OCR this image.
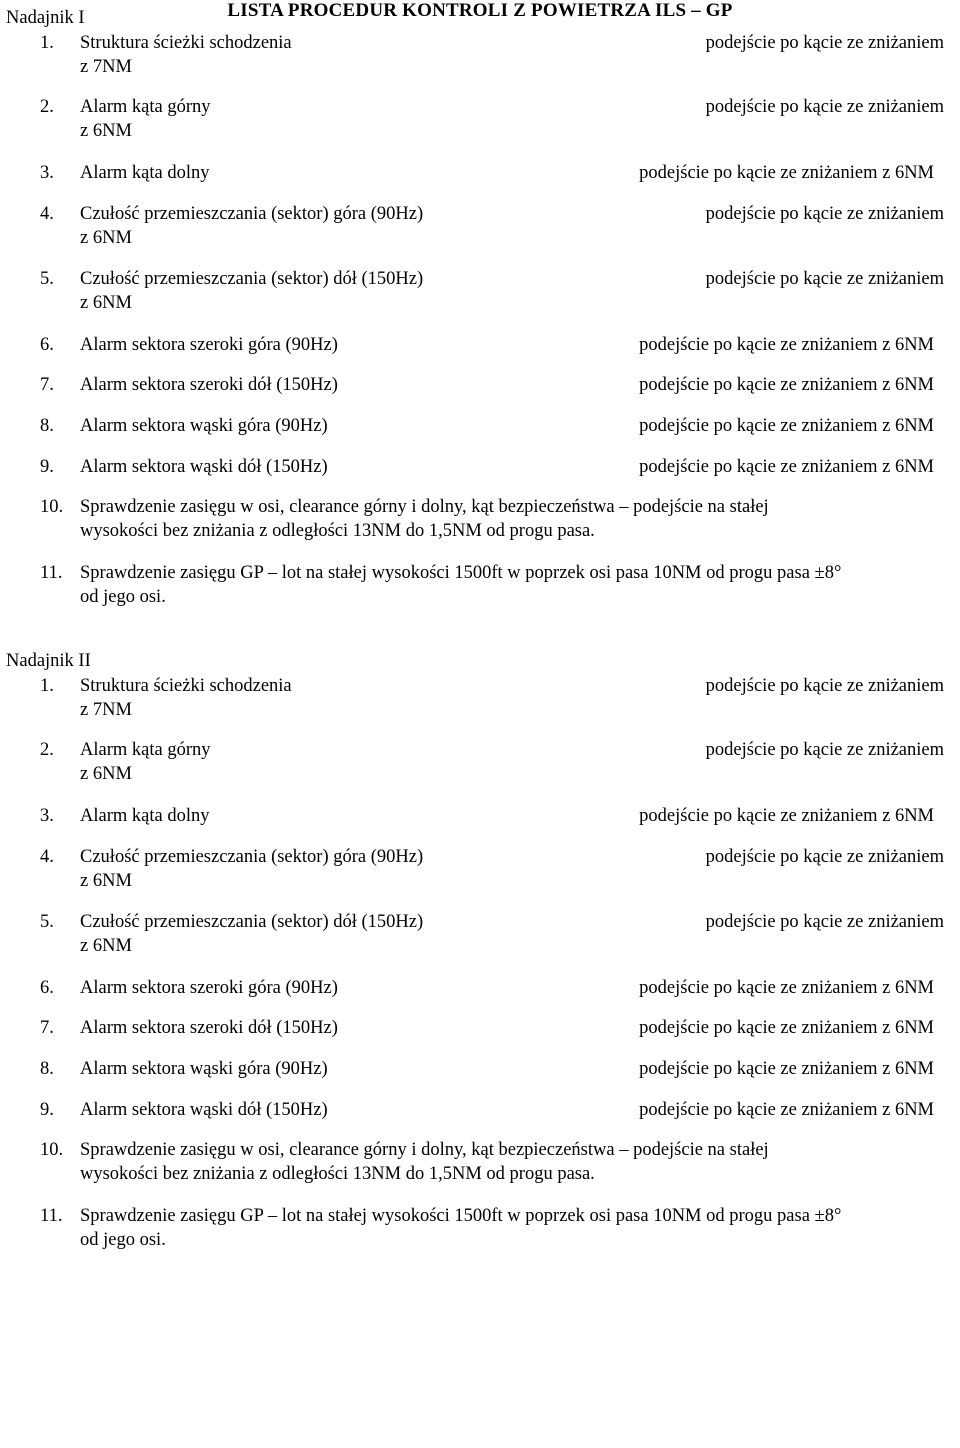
LISTA PROCEDUR KONTROLI Z POWIETRZA ILS – GP
Nadajnik I
1. Struktura ścieżki schodzenia	podejście po kącie ze zniżaniem
z 7NM
2. Alarm kąta górny	podejście po kącie ze zniżaniem
z 6NM
3. Alarm kąta dolny	podejście po kącie ze zniżaniem z 6NM
4. Czułość przemieszczania (sektor) góra (90Hz)	podejście po kącie ze zniżaniem
z 6NM
5. Czułość przemieszczania (sektor) dół (150Hz)	podejście po kącie ze zniżaniem
z 6NM
6. Alarm sektora szeroki góra (90Hz)	podejście po kącie ze zniżaniem z 6NM
7. Alarm sektora szeroki dół (150Hz)	podejście po kącie ze zniżaniem z 6NM
8. Alarm sektora wąski góra (90Hz)	podejście po kącie ze zniżaniem z 6NM
9. Alarm sektora wąski dół (150Hz)	podejście po kącie ze zniżaniem z 6NM
10. Sprawdzenie zasięgu w osi, clearance górny i dolny, kąt bezpieczeństwa – podejście na stałej
wysokości bez zniżania z odległości 13NM do 1,5NM od progu pasa.
11. Sprawdzenie zasięgu GP – lot na stałej wysokości 1500ft w poprzek osi pasa 10NM od progu pasa ±8°
od jego osi.
Nadajnik II
1. Struktura ścieżki schodzenia	podejście po kącie ze zniżaniem
z 7NM
2. Alarm kąta górny	podejście po kącie ze zniżaniem
z 6NM
3. Alarm kąta dolny	podejście po kącie ze zniżaniem z 6NM
4. Czułość przemieszczania (sektor) góra (90Hz)	podejście po kącie ze zniżaniem
z 6NM
5. Czułość przemieszczania (sektor) dół (150Hz)	podejście po kącie ze zniżaniem
z 6NM
6. Alarm sektora szeroki góra (90Hz)	podejście po kącie ze zniżaniem z 6NM
7. Alarm sektora szeroki dół (150Hz)	podejście po kącie ze zniżaniem z 6NM
8. Alarm sektora wąski góra (90Hz)	podejście po kącie ze zniżaniem z 6NM
9. Alarm sektora wąski dół (150Hz)	podejście po kącie ze zniżaniem z 6NM
10. Sprawdzenie zasięgu w osi, clearance górny i dolny, kąt bezpieczeństwa – podejście na stałej
wysokości bez zniżania z odległości 13NM do 1,5NM od progu pasa.
11. Sprawdzenie zasięgu GP – lot na stałej wysokości 1500ft w poprzek osi pasa 10NM od progu pasa ±8°
od jego osi.
